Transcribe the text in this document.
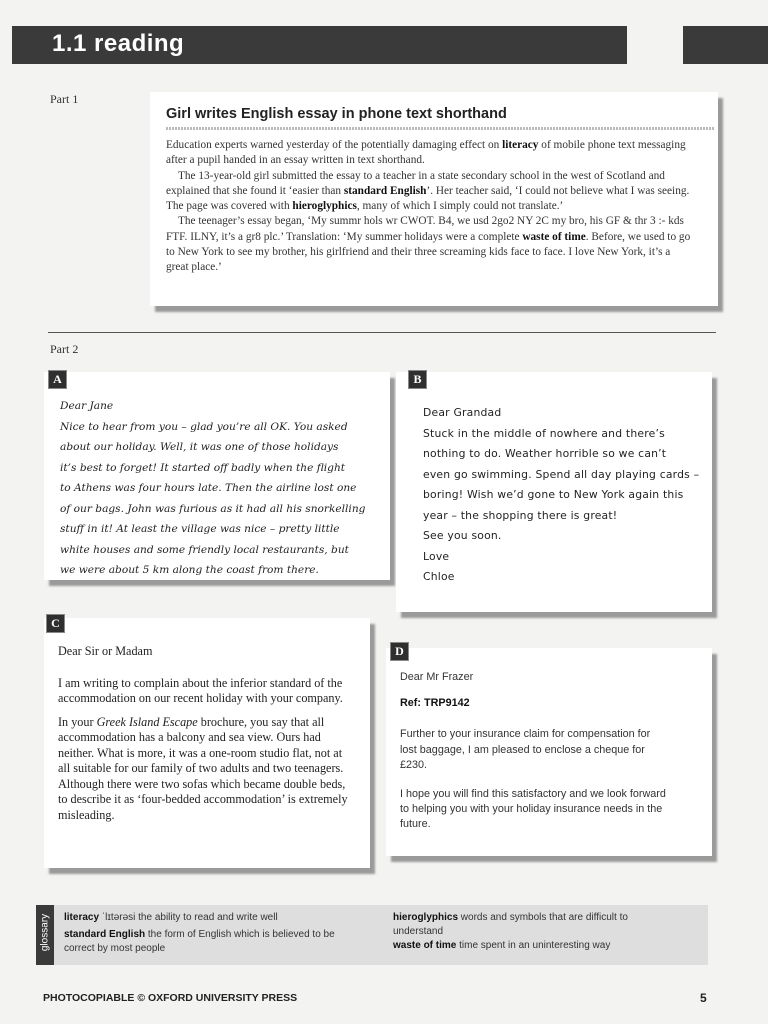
1.1 reading
Part 1
Girl writes English essay in phone text shorthand

Education experts warned yesterday of the potentially damaging effect on literacy of mobile phone text messaging after a pupil handed in an essay written in text shorthand.

The 13-year-old girl submitted the essay to a teacher in a state secondary school in the west of Scotland and explained that she found it ‘easier than standard English’. Her teacher said, ‘I could not believe what I was seeing. The page was covered with hieroglyphics, many of which I simply could not translate.’

The teenager’s essay began, ‘My summr hols wr CWOT. B4, we usd 2go2 NY 2C my bro, his GF & thr 3 :- kds FTF. ILNY, it’s a gr8 plc.’ Translation: ‘My summer holidays were a complete waste of time. Before, we used to go to New York to see my brother, his girlfriend and their three screaming kids face to face. I love New York, it’s a great place.’

Part 2
A
Dear Jane
Nice to hear from you – glad you’re all OK. You asked
about our holiday. Well, it was one of those holidays
it’s best to forget! It started off badly when the flight
to Athens was four hours late. Then the airline lost one
of our bags. John was furious as it had all his snorkelling
stuff in it! At least the village was nice – pretty little
white houses and some friendly local restaurants, but
we were about 5 km along the coast from there.
B
Dear Grandad
Stuck in the middle of nowhere and there’s
nothing to do. Weather horrible so we can’t
even go swimming. Spend all day playing cards –
boring! Wish we’d gone to New York again this
year – the shopping there is great!
See you soon.
Love
Chloe
C
Dear Sir or Madam
I am writing to complain about the inferior standard of the accommodation on our recent holiday with your company.
In your Greek Island Escape brochure, you say that all accommodation has a balcony and sea view. Ours had neither. What is more, it was a one-room studio flat, not at all suitable for our family of two adults and two teenagers. Although there were two sofas which became double beds, to describe it as ‘four-bedded accommodation’ is extremely misleading.
D
Dear Mr Frazer
Ref: TRP9142
Further to your insurance claim for compensation for lost baggage, I am pleased to enclose a cheque for £230.
I hope you will find this satisfactory and we look forward to helping you with your holiday insurance needs in the future.
glossary literacy ˈlɪtərəsi the ability to read and write well
standard English the form of English which is believed to be correct by most people
hieroglyphics words and symbols that are difficult to understand
waste of time time spent in an uninteresting way
PHOTOCOPIABLE © OXFORD UNIVERSITY PRESS	5
